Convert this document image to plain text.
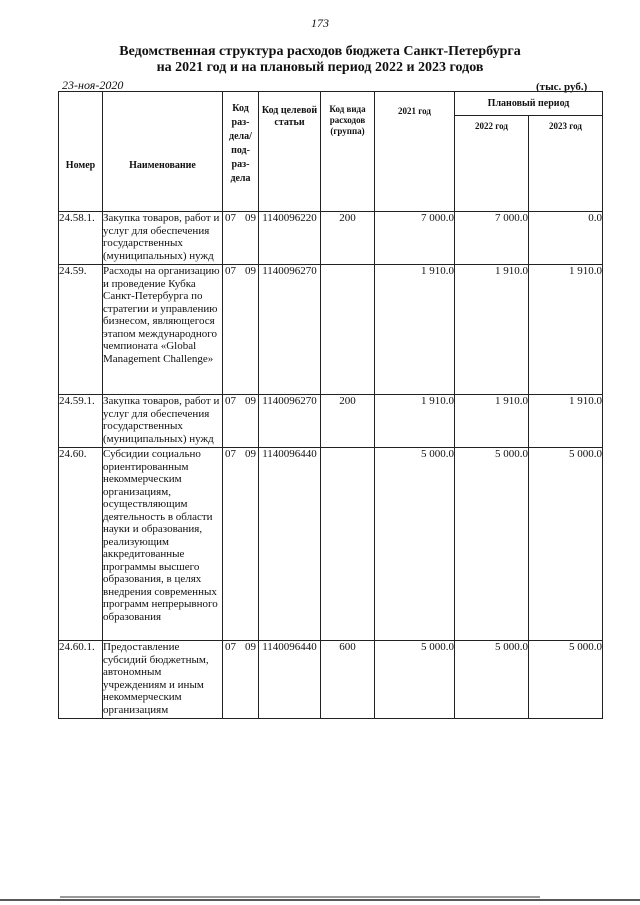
173
Ведомственная структура расходов бюджета Санкт-Петербурга
на 2021 год и на плановый период 2022 и 2023 годов
23-ноя-2020	(тыс. руб.)
Номер	Наименование	Код раз-дела/ под-раз-дела	Код целевой статьи	Код вида расходов (группа)	2021 год	Плановый период	

						2022 год	2023 год

24.58.1.	Закупка товаров, работ и услуг для обеспечения государственных (муниципальных) нужд	07 09	1140096220	200	7 000.0	7 000.0	0.0
24.59.	Расходы на организацию и проведение Кубка Санкт-Петербурга по стратегии и управлению бизнесом, являющегося этапом международного чемпионата «Global Management Challenge»	07 09	1140096270		1 910.0	1 910.0	1 910.0
24.59.1.	Закупка товаров, работ и услуг для обеспечения государственных (муниципальных) нужд	07 09	1140096270	200	1 910.0	1 910.0	1 910.0
24.60.	Субсидии социально ориентированным некоммерческим организациям, осуществляющим деятельность в области науки и образования, реализующим аккредитованные программы высшего образования, в целях внедрения современных программ непрерывного образования	07 09	1140096440		5 000.0	5 000.0	5 000.0
24.60.1.	Предоставление субсидий бюджетным, автономным учреждениям и иным некоммерческим организациям	07 09	1140096440	600	5 000.0	5 000.0	5 000.0
